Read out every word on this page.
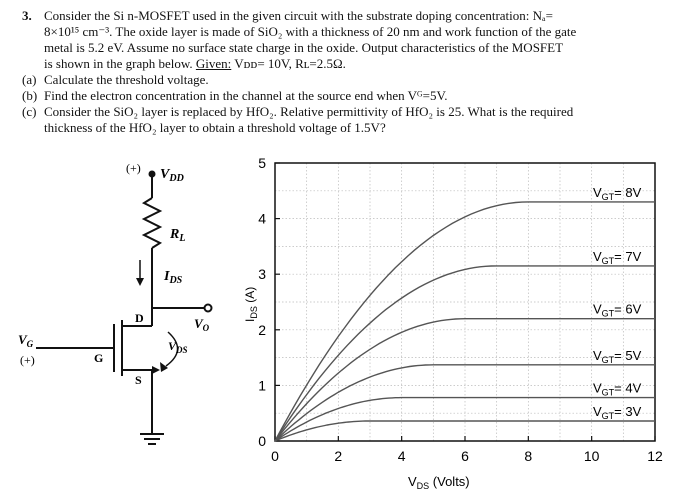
3. Consider the Si n-MOSFET used in the given circuit with the substrate doping concentration: Nₐ=
8×10¹⁵ cm⁻³. The oxide layer is made of SiO₂ with a thickness of 20 nm and work function of the gate
metal is 5.2 eV. Assume no surface state charge in the oxide. Output characteristics of the MOSFET
is shown in the graph below. Given: Vᴅᴅ= 10V, Rʟ=2.5Ω.
(a) Calculate the threshold voltage.
(b) Find the electron concentration in the channel at the source end when Vᴳ=5V.
(c) Consider the SiO₂ layer is replaced by HfO₂. Relative permittivity of HfO₂ is 25. What is the required
thickness of the HfO₂ layer to obtain a threshold voltage of 1.5V?
(+) $V_{DD}$
$R_L$
$I_{DS}$
$V_O$
$V_{DS}$
$V_G$
(+)
D
G
S
0	2	4	6	8	10	12
0
1
2
3
4
5
$V_{GT}= 3V$
$V_{GT}= 4V$
$V_{GT}= 5V$
$V_{GT}= 6V$
$V_{GT}= 7V$
$V_{GT}= 8V$
$V_{DS}$ (Volts)
$I_{DS}$ (A)
